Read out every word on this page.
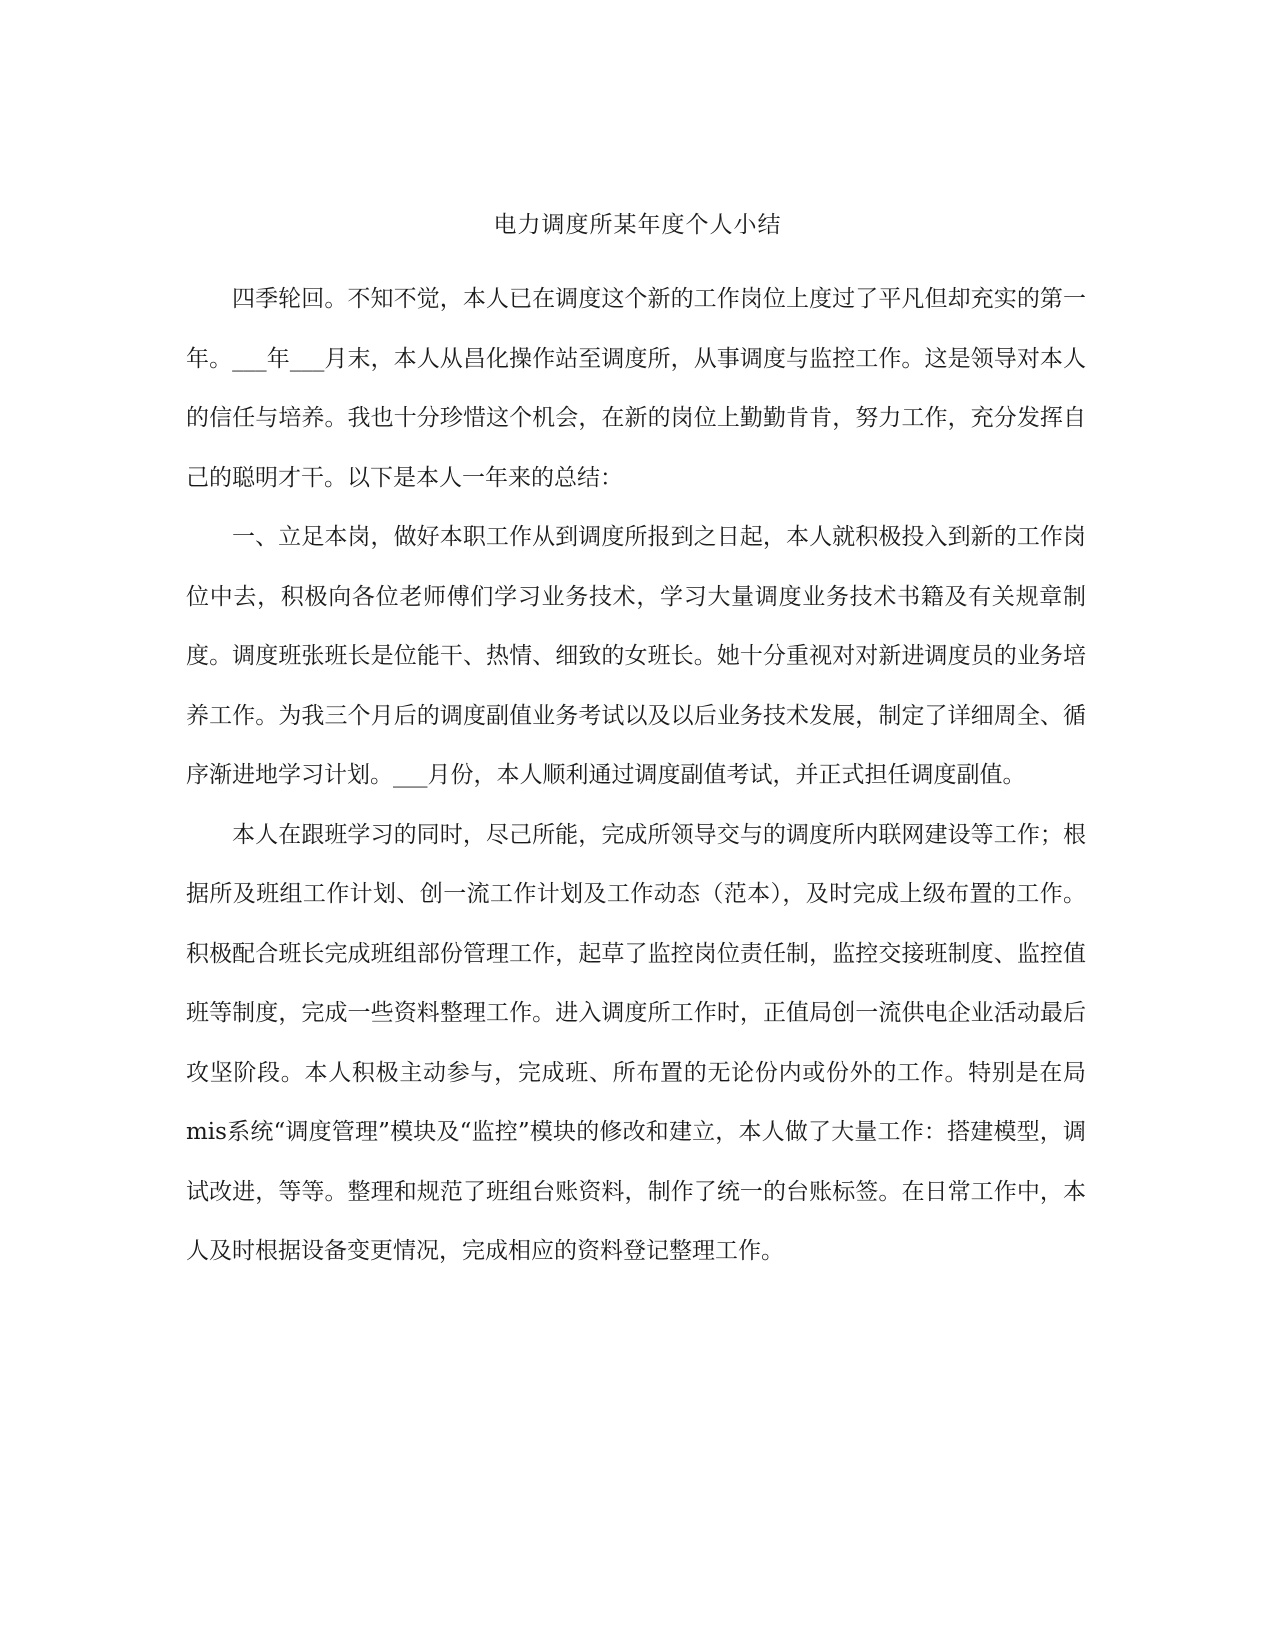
电力调度所某年度个人小结

四季轮回。不知不觉，本人已在调度这个新的工作岗位上度过了平凡但却充实的第一年。___年___月末，本人从昌化操作站至调度所，从事调度与监控工作。这是领导对本人的信任与培养。我也十分珍惜这个机会，在新的岗位上勤勤肯肯，努力工作，充分发挥自己的聪明才干。以下是本人一年来的总结：

一、立足本岗，做好本职工作从到调度所报到之日起，本人就积极投入到新的工作岗位中去，积极向各位老师傅们学习业务技术，学习大量调度业务技术书籍及有关规章制度。调度班张班长是位能干、热情、细致的女班长。她十分重视对对新进调度员的业务培养工作。为我三个月后的调度副值业务考试以及以后业务技术发展，制定了详细周全、循序渐进地学习计划。___月份，本人顺利通过调度副值考试，并正式担任调度副值。

本人在跟班学习的同时，尽己所能，完成所领导交与的调度所内联网建设等工作；根据所及班组工作计划、创一流工作计划及工作动态（范本），及时完成上级布置的工作。积极配合班长完成班组部份管理工作，起草了监控岗位责任制，监控交接班制度、监控值班等制度，完成一些资料整理工作。进入调度所工作时，正值局创一流供电企业活动最后攻坚阶段。本人积极主动参与，完成班、所布置的无论份内或份外的工作。特别是在局mis系统“调度管理”模块及“监控”模块的修改和建立，本人做了大量工作：搭建模型，调试改进，等等。整理和规范了班组台账资料，制作了统一的台账标签。在日常工作中，本人及时根据设备变更情况，完成相应的资料登记整理工作。
